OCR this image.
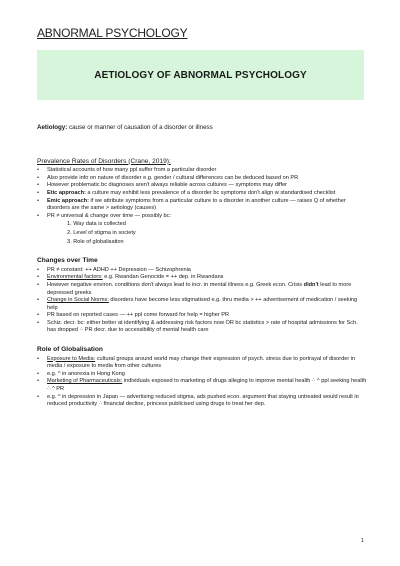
ABNORMAL PSYCHOLOGY
AETIOLOGY OF ABNORMAL PSYCHOLOGY

Aetiology: cause or manner of causation of a disorder or illness

Prevalence Rates of Disorders (Crane, 2019):
• Statistical accounts of how many ppl suffer from a particular disorder
• Also provide info on nature of disorder e.g. gender / cultural differences can be deduced based on PR
• However problematic bc diagnoses aren't always reliable across cultures — symptoms may differ
• Etic approach: a culture may exhibit less prevalence of a disorder bc symptoms don't align w standardised checklist
• Emic approach: if we attribute symptoms from a particular culture to a disorder in another culture — raises Q of whether disorders are the same > aetiology (causes)
• PR ≠ universal & change over time — possibly bc:
1. Way data is collected
2. Level of stigma in society
3. Role of globalisation
Changes over Time
• PR ≠ constant: ++ ADHD ++ Depression — Schizophrenia
• Environmental factors: e.g. Rwandan Genocide = ++ dep. in Rwandans
• However negative environ. conditions don't always lead to incr. in mental illness e.g. Greek econ. Crisis didn't lead to more depressed greeks
• Change in Social Norms: disorders have become less stigmatised e.g. thru media > ++ advertisement of medication / seeking help
• PR based on reported cases — ++ ppl come forward for help = higher PR
• Schiz. decr. bc: either better at identifying & addressing risk factors now OR bc statistics > rate of hospital admissions for Sch. has dropped ∴ PR decr. due to accessibility of mental health care
Role of Globalisation
• Exposure to Media: cultural groups around world may change their expression of psych. stress due to portrayal of disorder in media / exposure to media from other cultures
• e.g. ^ in anorexia in Hong Kong
• Marketing of Pharmaceuticals: individuals exposed to marketing of drugs alleging to improve mental health ∴ ^ ppl seeking health ∴ ^ PR
• e.g. ^ in depression in Japan — advertising reduced stigma, ads pushed econ. argument that staying untreated would result in reduced productivity ∴ financial decline, princess publicised using drugs to treat her dep.
1
